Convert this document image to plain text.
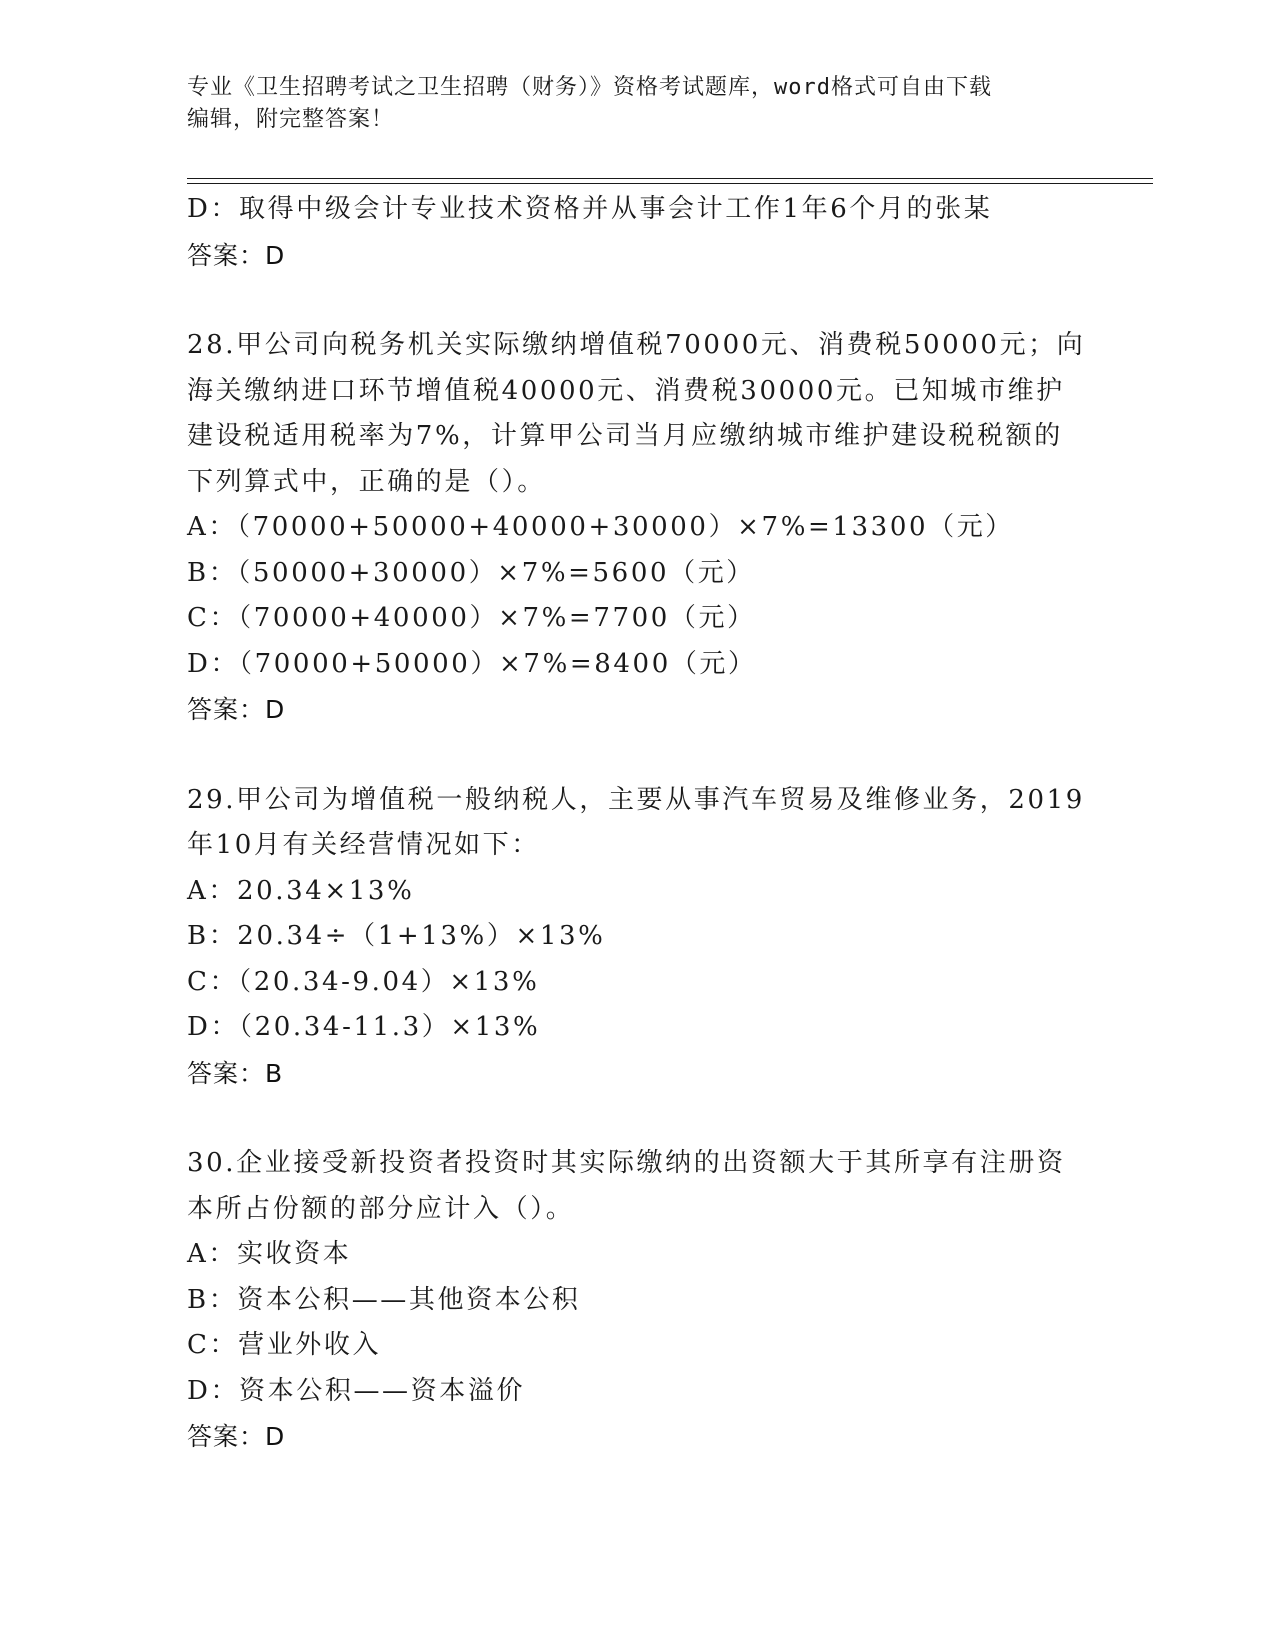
专业《卫生招聘考试之卫生招聘（财务）》资格考试题库，word格式可自由下载
编辑，附完整答案！
D：取得中级会计专业技术资格并从事会计工作1年6个月的张某
答案：D
28.甲公司向税务机关实际缴纳增值税70000元、消费税50000元；向
海关缴纳进口环节增值税40000元、消费税30000元。已知城市维护
建设税适用税率为7%，计算甲公司当月应缴纳城市维护建设税税额的
下列算式中，正确的是（）。
A：（70000+50000+40000+30000）×7%=13300（元）
B：（50000+30000）×7%=5600（元）
C：（70000+40000）×7%=7700（元）
D：（70000+50000）×7%=8400（元）
答案：D
29.甲公司为增值税一般纳税人，主要从事汽车贸易及维修业务，2019
年10月有关经营情况如下：
A：20.34×13%
B：20.34÷（1+13%）×13%
C：（20.34-9.04）×13%
D：（20.34-11.3）×13%
答案：B
30.企业接受新投资者投资时其实际缴纳的出资额大于其所享有注册资
本所占份额的部分应计入（）。
A：实收资本
B：资本公积——其他资本公积
C：营业外收入
D：资本公积——资本溢价
答案：D
